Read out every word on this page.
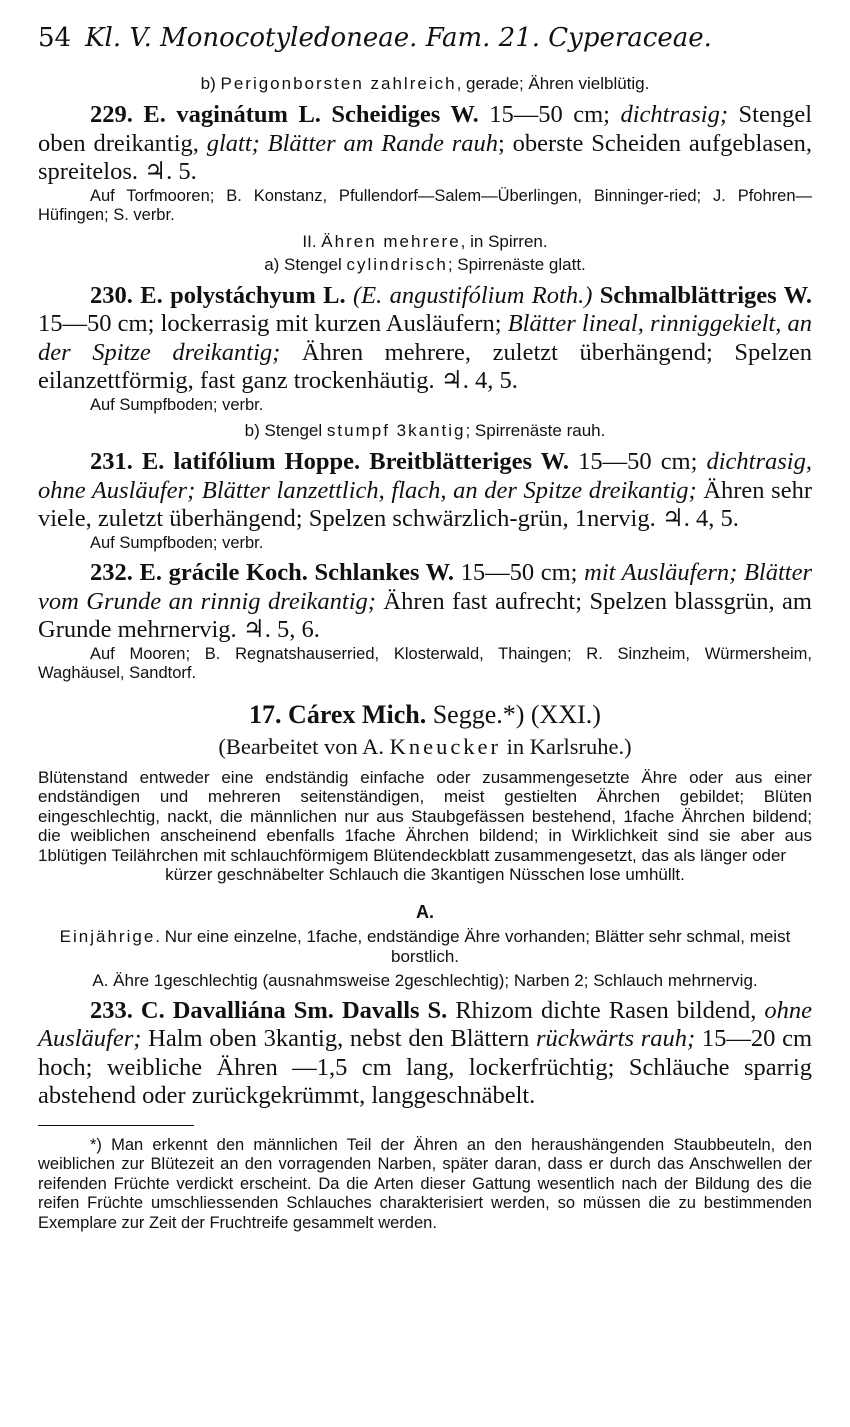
54 Kl. V. Monocotyledoneae. Fam. 21. Cyperaceae.
b) Perigonborsten zahlreich, gerade; Ähren vielblütig.
229. E. vaginátum L. Scheidiges W. 15—50 cm; dichtrasig; Stengel oben dreikantig, glatt; Blätter am Rande rauh; oberste Scheiden aufgeblasen, spreitelos. ♃. 5.
Auf Torfmooren; B. Konstanz, Pfullendorf—Salem—Überlingen, Binninger-ried; J. Pfohren—Hüfingen; S. verbr.
II. Ähren mehrere, in Spirren.
a) Stengel cylindrisch; Spirrenäste glatt.
230. E. polystáchyum L. (E. angustifólium Roth.) Schmalblättriges W. 15—50 cm; lockerrasig mit kurzen Ausläufern; Blätter lineal, rinniggekielt, an der Spitze dreikantig; Ähren mehrere, zuletzt überhängend; Spelzen eilanzettförmig, fast ganz trockenhäutig. ♃. 4, 5.
Auf Sumpfboden; verbr.
b) Stengel stumpf 3kantig; Spirrenäste rauh.
231. E. latifólium Hoppe. Breitblätteriges W. 15—50 cm; dichtrasig, ohne Ausläufer; Blätter lanzettlich, flach, an der Spitze dreikantig; Ähren sehr viele, zuletzt überhängend; Spelzen schwärzlich-grün, 1nervig. ♃. 4, 5.
Auf Sumpfboden; verbr.
232. E. grácile Koch. Schlankes W. 15—50 cm; mit Ausläufern; Blätter vom Grunde an rinnig dreikantig; Ähren fast aufrecht; Spelzen blassgrün, am Grunde mehrnervig. ♃. 5, 6.
Auf Mooren; B. Regnatshauserried, Klosterwald, Thaingen; R. Sinzheim, Würmersheim, Waghäusel, Sandtorf.
17. Cárex Mich. Segge.*) (XXI.)
(Bearbeitet von A. Kneucker in Karlsruhe.)
Blütenstand entweder eine endständig einfache oder zusammengesetzte Ähre oder aus einer endständigen und mehreren seitenständigen, meist gestielten Ährchen gebildet; Blüten eingeschlechtig, nackt, die männlichen nur aus Staubgefässen bestehend, 1fache Ährchen bildend; die weiblichen anscheinend ebenfalls 1fache Ährchen bildend; in Wirklichkeit sind sie aber aus 1blütigen Teilährchen mit schlauchförmigem Blütendeckblatt zusammengesetzt, das als länger oder
kürzer geschnäbelter Schlauch die 3kantigen Nüsschen lose umhüllt.
A.
Einjährige. Nur eine einzelne, 1fache, endständige Ähre vorhanden; Blätter sehr schmal, meist borstlich.
A. Ähre 1geschlechtig (ausnahmsweise 2geschlechtig); Narben 2; Schlauch mehrnervig.
233. C. Davalliána Sm. Davalls S. Rhizom dichte Rasen bildend, ohne Ausläufer; Halm oben 3kantig, nebst den Blättern rückwärts rauh; 15—20 cm hoch; weibliche Ähren —1,5 cm lang, lockerfrüchtig; Schläuche sparrig abstehend oder zurückgekrümmt, langgeschnäbelt.
*) Man erkennt den männlichen Teil der Ähren an den heraushängenden Staubbeuteln, den weiblichen zur Blütezeit an den vorragenden Narben, später daran, dass er durch das Anschwellen der reifenden Früchte verdickt erscheint. Da die Arten dieser Gattung wesentlich nach der Bildung des die reifen Früchte umschliessenden Schlauches charakterisiert werden, so müssen die zu bestimmenden Exemplare zur Zeit der Fruchtreife gesammelt werden.
